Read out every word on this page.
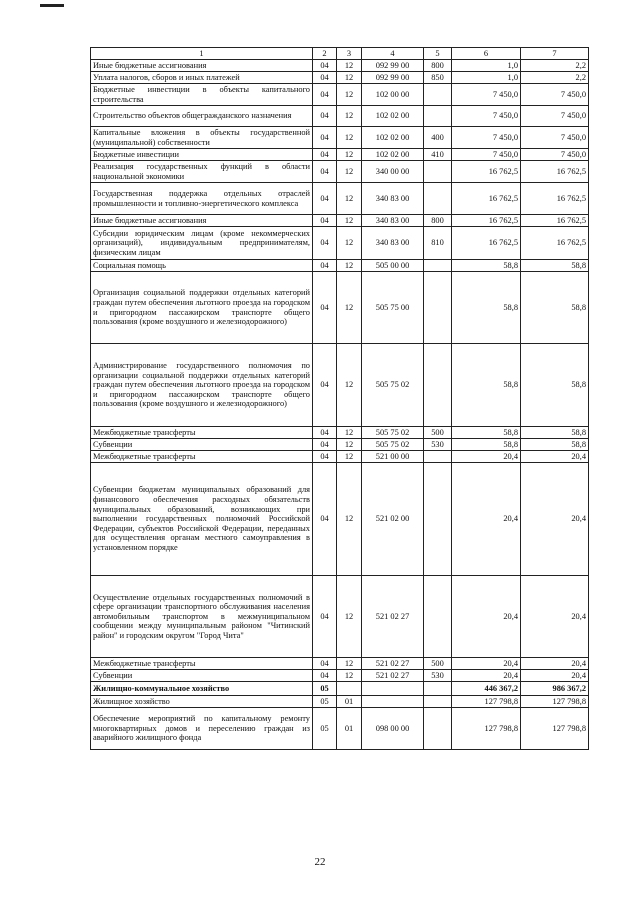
1	2	3	4	5	6	7
Иные бюджетные ассигнования	04	12	092 99 00	800	1,0	2,2
Уплата налогов, сборов и иных платежей	04	12	092 99 00	850	1,0	2,2
Бюджетные инвестиции в объекты капитального строительства	04	12	102 00 00		7 450,0	7 450,0
Строительство объектов общегражданского назначения	04	12	102 02 00		7 450,0	7 450,0
Капитальные вложения в объекты государственной (муниципальной) собственности	04	12	102 02 00	400	7 450,0	7 450,0
Бюджетные инвестиции	04	12	102 02 00	410	7 450,0	7 450,0
Реализация государственных функций в области национальной экономики	04	12	340 00 00		16 762,5	16 762,5
Государственная поддержка отдельных отраслей промышленности и топливно-энергетического комплекса	04	12	340 83 00		16 762,5	16 762,5
Иные бюджетные ассигнования	04	12	340 83 00	800	16 762,5	16 762,5
Субсидии юридическим лицам (кроме некоммерческих организаций), индивидуальным предпринимателям, физическим лицам	04	12	340 83 00	810	16 762,5	16 762,5
Социальная помощь	04	12	505 00 00		58,8	58,8
Организация социальной поддержки отдельных категорий граждан путем обеспечения льготного проезда на городском и пригородном пассажирском транспорте общего пользования (кроме воздушного и железнодорожного)	04	12	505 75 00		58,8	58,8
Администрирование государственного полномочия по организации социальной поддержки отдельных категорий граждан путем обеспечения льготного проезда на городском и пригородном пассажирском транспорте общего пользования (кроме воздушного и железнодорожного)	04	12	505 75 02		58,8	58,8
Межбюджетные трансферты	04	12	505 75 02	500	58,8	58,8
Субвенции	04	12	505 75 02	530	58,8	58,8
Межбюджетные трансферты	04	12	521 00 00		20,4	20,4
Субвенции бюджетам муниципальных образований для финансового обеспечения расходных обязательств муниципальных образований, возникающих при выполнении государственных полномочий Российской Федерации, субъектов Российской Федерации, переданных для осуществления органам местного самоуправления в установленном порядке	04	12	521 02 00		20,4	20,4
Осуществление отдельных государственных полномочий в сфере организации транспортного обслуживания населения автомобильным транспортом в межмуниципальном сообщении между муниципальным районом "Читинский район" и городским округом "Город Чита"	04	12	521 02 27		20,4	20,4
Межбюджетные трансферты	04	12	521 02 27	500	20,4	20,4
Субвенции	04	12	521 02 27	530	20,4	20,4
Жилищно-коммунальное хозяйство	05				446 367,2	986 367,2
Жилищное хозяйство	05	01			127 798,8	127 798,8
Обеспечение мероприятий по капитальному ремонту многоквартирных домов и переселению граждан из аварийного жилищного фонда	05	01	098 00 00		127 798,8	127 798,8
22
